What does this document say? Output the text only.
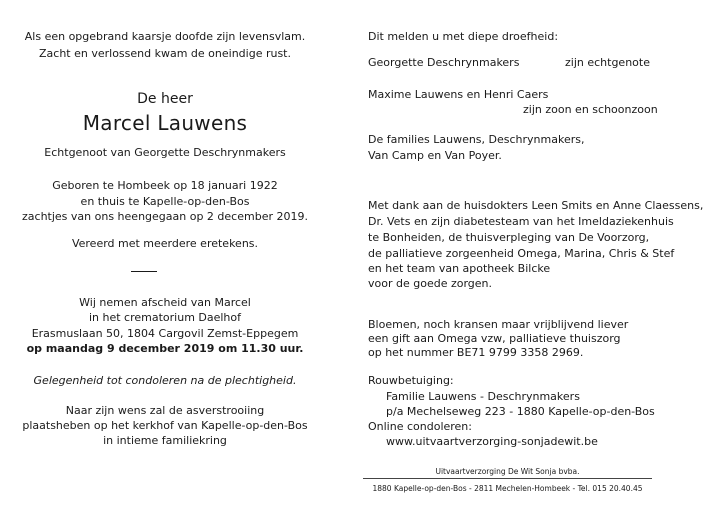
Als een opgebrand kaarsje doofde zijn levensvlam.
Zacht en verlossend kwam de oneindige rust.
De heer
Marcel Lauwens
Echtgenoot van Georgette Deschrynmakers
Geboren te Hombeek op 18 januari 1922
en thuis te Kapelle-op-den-Bos
zachtjes van ons heengegaan op 2 december 2019.
Vereerd met meerdere eretekens.
Wij nemen afscheid van Marcel
in het crematorium Daelhof
Erasmuslaan 50, 1804 Cargovil Zemst-Eppegem
op maandag 9 december 2019 om 11.30 uur.
Gelegenheid tot condoleren na de plechtigheid.
Naar zijn wens zal de asverstrooiing
plaatsheben op het kerkhof van Kapelle-op-den-Bos
in intieme familiekring
Dit melden u met diepe droefheid:
Georgette Deschrynmakers	zijn echtgenote
Maxime Lauwens en Henri Caers
zijn zoon en schoonzoon
De families Lauwens, Deschrynmakers,
Van Camp en Van Poyer.
Met dank aan de huisdokters Leen Smits en Anne Claessens,
Dr. Vets en zijn diabetesteam van het Imeldaziekenhuis
te Bonheiden, de thuisverpleging van De Voorzorg,
de palliatieve zorgeenheid Omega, Marina, Chris & Stef
en het team van apotheek Bilcke
voor de goede zorgen.
Bloemen, noch kransen maar vrijblijvend liever
een gift aan Omega vzw, palliatieve thuiszorg
op het nummer BE71 9799 3358 2969.
Rouwbetuiging:
Familie Lauwens - Deschrynmakers
p/a Mechelseweg 223 - 1880 Kapelle-op-den-Bos
Online condoleren:
www.uitvaartverzorging-sonjadewit.be
Uitvaartverzorging De Wit Sonja bvba.
1880 Kapelle-op-den-Bos - 2811 Mechelen-Hombeek - Tel. 015 20.40.45
